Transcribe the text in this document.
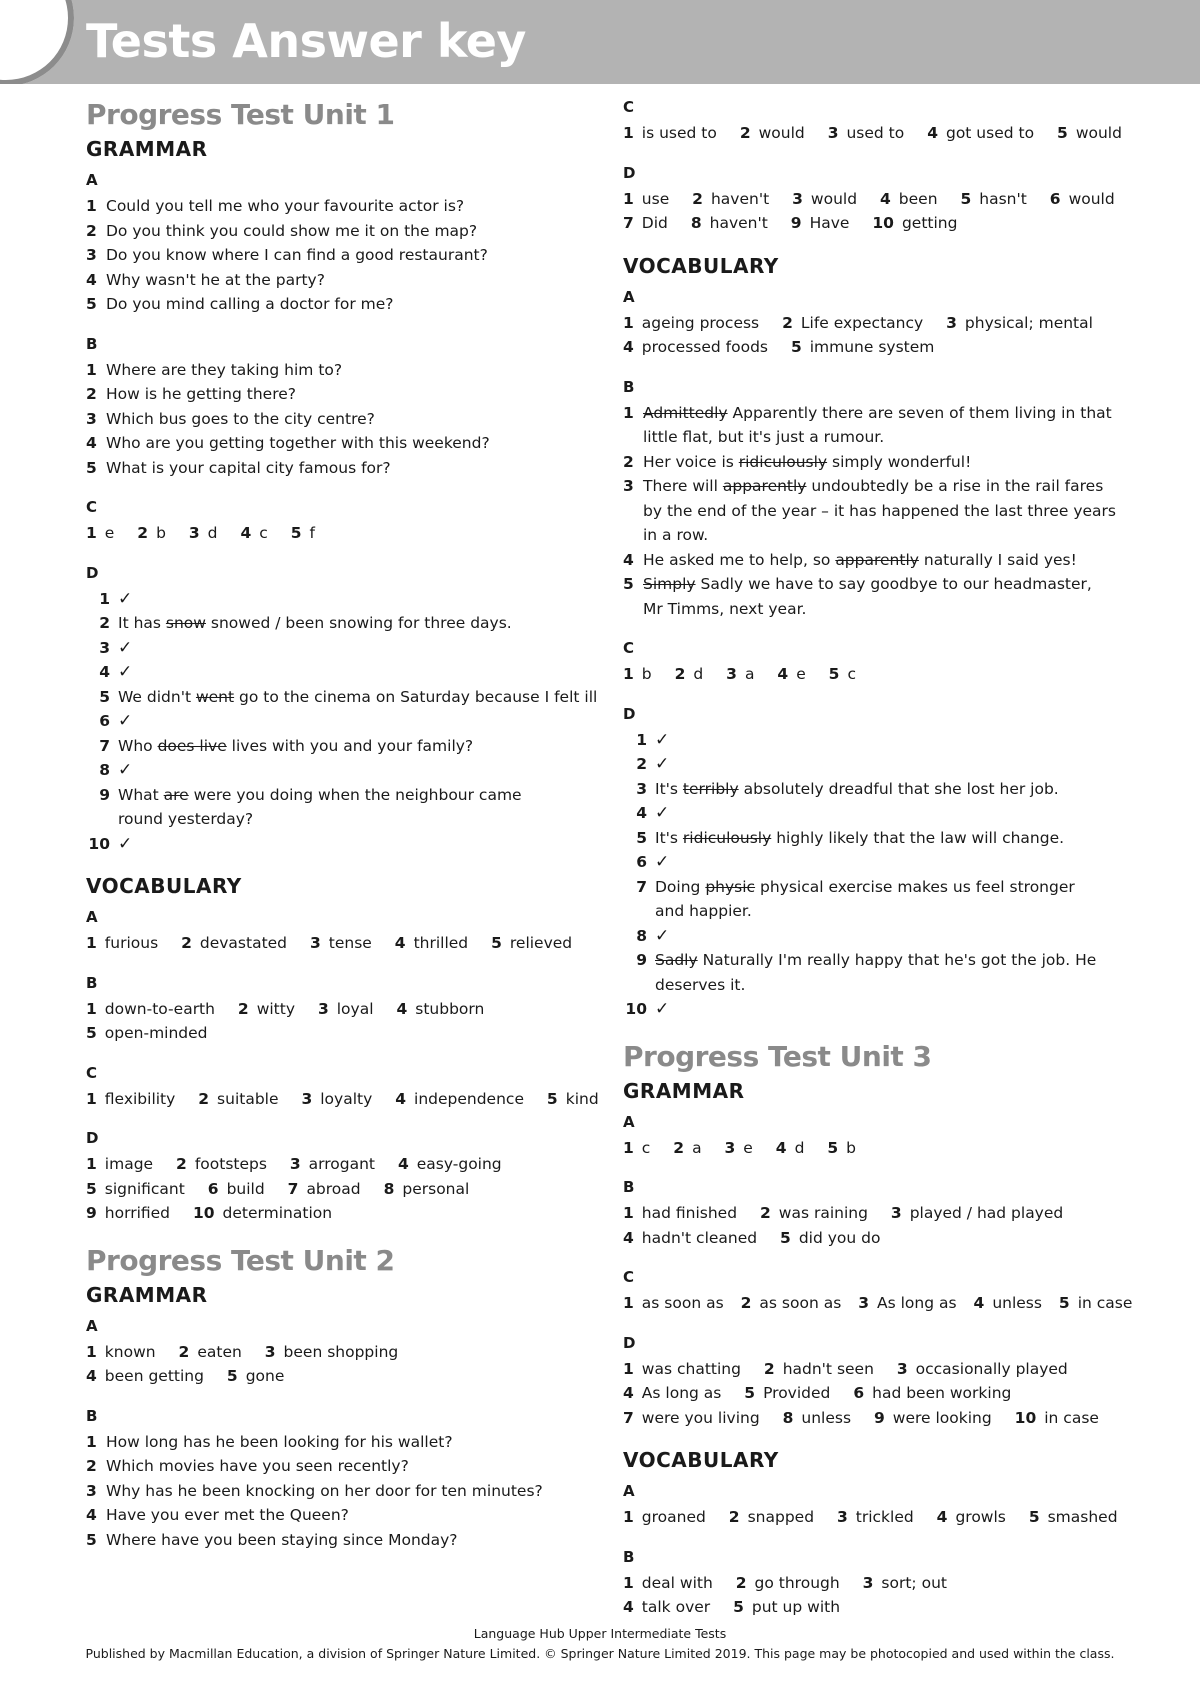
Tests Answer key
Progress Test Unit 1
GRAMMAR
A
1 Could you tell me who your favourite actor is?
2 Do you think you could show me it on the map?
3 Do you know where I can find a good restaurant?
4 Why wasn't he at the party?
5 Do you mind calling a doctor for me?
B
1 Where are they taking him to?
2 How is he getting there?
3 Which bus goes to the city centre?
4 Who are you getting together with this weekend?
5 What is your capital city famous for?
C
1 e 2 b 3 d 4 c 5 f
D
1 ✓
2 It has snow snowed / been snowing for three days.
3 ✓
4 ✓
5 We didn't went go to the cinema on Saturday because I felt ill
6 ✓
7 Who does live lives with you and your family?
8 ✓
9 What are were you doing when the neighbour came
round yesterday?
10 ✓
VOCABULARY
A
1 furious 2 devastated 3 tense 4 thrilled 5 relieved
B
1 down-to-earth 2 witty 3 loyal 4 stubborn
5 open-minded
C
1 flexibility 2 suitable 3 loyalty 4 independence 5 kind
D
1 image 2 footsteps 3 arrogant 4 easy-going
5 significant 6 build 7 abroad 8 personal
9 horrified 10 determination
Progress Test Unit 2
GRAMMAR
A
1 known 2 eaten 3 been shopping
4 been getting 5 gone
B
1 How long has he been looking for his wallet?
2 Which movies have you seen recently?
3 Why has he been knocking on her door for ten minutes?
4 Have you ever met the Queen?
5 Where have you been staying since Monday?
C
1 is used to 2 would 3 used to 4 got used to 5 would
D
1 use 2 haven't 3 would 4 been 5 hasn't 6 would
7 Did 8 haven't 9 Have 10 getting
VOCABULARY
A
1 ageing process 2 Life expectancy 3 physical; mental
4 processed foods 5 immune system
B
1 Admittedly Apparently there are seven of them living in that
little flat, but it's just a rumour.
2 Her voice is ridiculously simply wonderful!
3 There will apparently undoubtedly be a rise in the rail fares
by the end of the year – it has happened the last three years
in a row.
4 He asked me to help, so apparently naturally I said yes!
5 Simply Sadly we have to say goodbye to our headmaster,
Mr Timms, next year.
C
1 b 2 d 3 a 4 e 5 c
D
1 ✓
2 ✓
3 It's terribly absolutely dreadful that she lost her job.
4 ✓
5 It's ridiculously highly likely that the law will change.
6 ✓
7 Doing physic physical exercise makes us feel stronger
and happier.
8 ✓
9 Sadly Naturally I'm really happy that he's got the job. He
deserves it.
10 ✓
Progress Test Unit 3
GRAMMAR
A
1 c 2 a 3 e 4 d 5 b
B
1 had finished 2 was raining 3 played / had played
4 hadn't cleaned 5 did you do
C
1 as soon as 2 as soon as 3 As long as 4 unless 5 in case
D
1 was chatting 2 hadn't seen 3 occasionally played
4 As long as 5 Provided 6 had been working
7 were you living 8 unless 9 were looking 10 in case
VOCABULARY
A
1 groaned 2 snapped 3 trickled 4 growls 5 smashed
B
1 deal with 2 go through 3 sort; out
4 talk over 5 put up with
Language Hub Upper Intermediate Tests
Published by Macmillan Education, a division of Springer Nature Limited. © Springer Nature Limited 2019. This page may be photocopied and used within the class.
